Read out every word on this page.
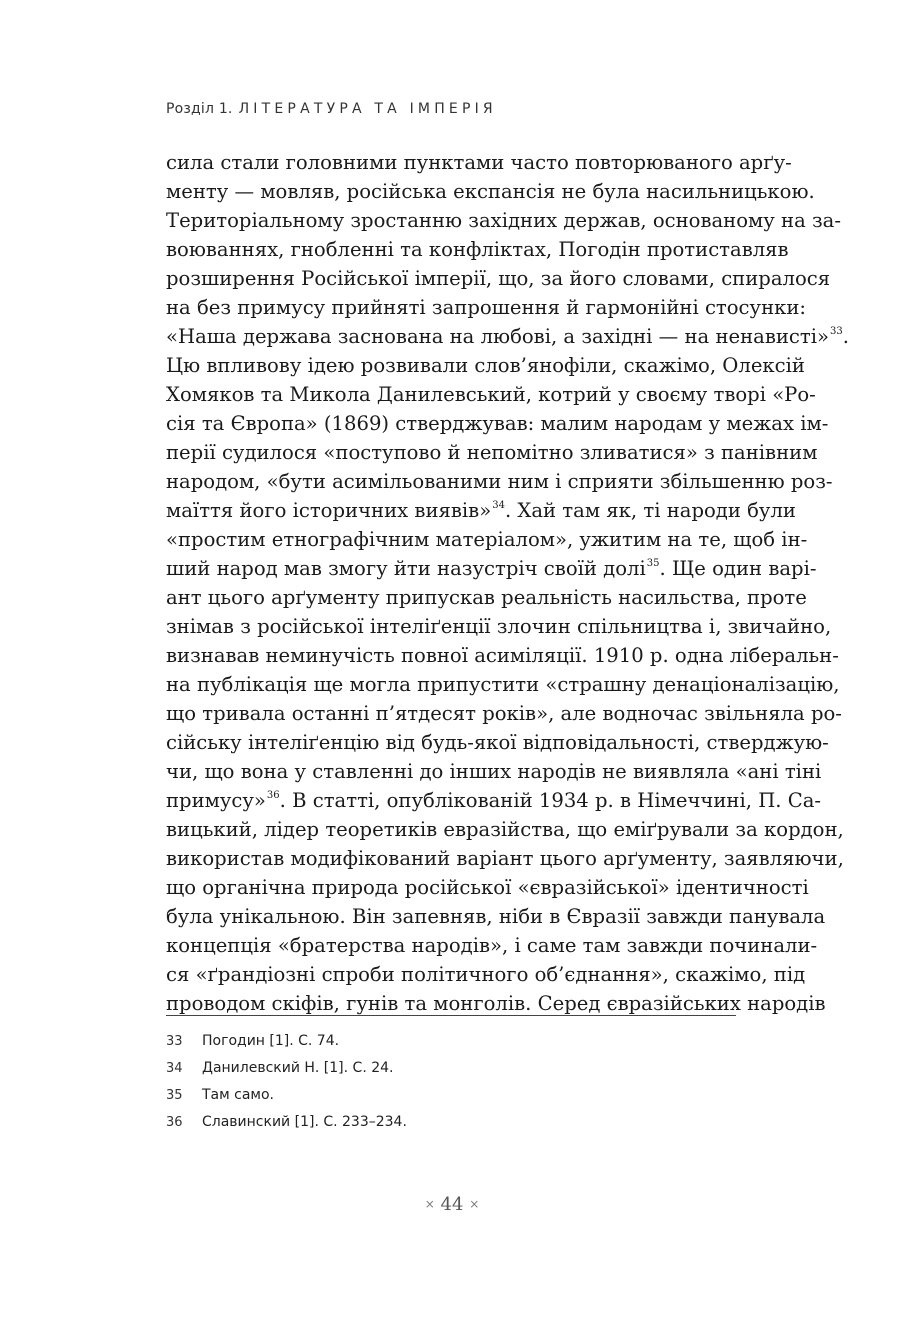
Розділ 1. ЛІТЕРАТУРА ТА ІМПЕРІЯ
сила стали головними пунктами часто повторюваного арґу-
менту — мовляв, російська експансія не була насильницькою.
Територіальному зростанню західних держав, основаному на за-
воюваннях, гнобленні та конфліктах, Погодін протиставляв
розширення Російської імперії, що, за його словами, спиралося
на без примусу прийняті запрошення й гармонійні стосунки:
«Наша держава заснована на любові, а західні — на ненависті»$^{33}$.
Цю впливову ідею розвивали слов’янофіли, скажімо, Олексій
Хомяков та Микола Данилевський, котрий у своєму творі «Ро-
сія та Європа» (1869) стверджував: малим народам у межах ім-
перії судилося «поступово й непомітно зливатися» з панівним
народом, «бути асимільованими ним і сприяти збільшенню роз-
маїття його історичних виявів»$^{34}$. Хай там як, ті народи були
«простим етнографічним матеріалом», ужитим на те, щоб ін-
ший народ мав змогу йти назустріч своїй долі$^{35}$. Ще один варі-
ант цього арґументу припускав реальність насильства, проте
знімав з російської інтеліґенції злочин спільництва і, звичайно,
визнавав неминучість повної асиміляції. 1910 р. одна ліберальн-
на публікація ще могла припустити «страшну денаціоналізацію,
що тривала останні п’ятдесят років», але водночас звільняла ро-
сійську інтеліґенцію від будь-якої відповідальності, стверджую-
чи, що вона у ставленні до інших народів не виявляла «ані тіні
примусу»$^{36}$. В статті, опублікованій 1934 р. в Німеччині, П. Са-
вицький, лідер теоретиків евразійства, що еміґрували за кордон,
використав модифікований варіант цього арґументу, заявляючи,
що органічна природа російської «євразійської» ідентичності
була унікальною. Він запевняв, ніби в Євразії завжди панувала
концепція «братерства народів», і саме там завжди починали-
ся «ґрандіозні спроби політичного об’єднання», скажімо, під
проводом скіфів, гунів та монголів. Серед євразійських народів
33 Погодин [1]. С. 74.
34 Данилевский Н. [1]. С. 24.
35 Там само.
36 Славинский [1]. С. 233–234.
× 44 ×
